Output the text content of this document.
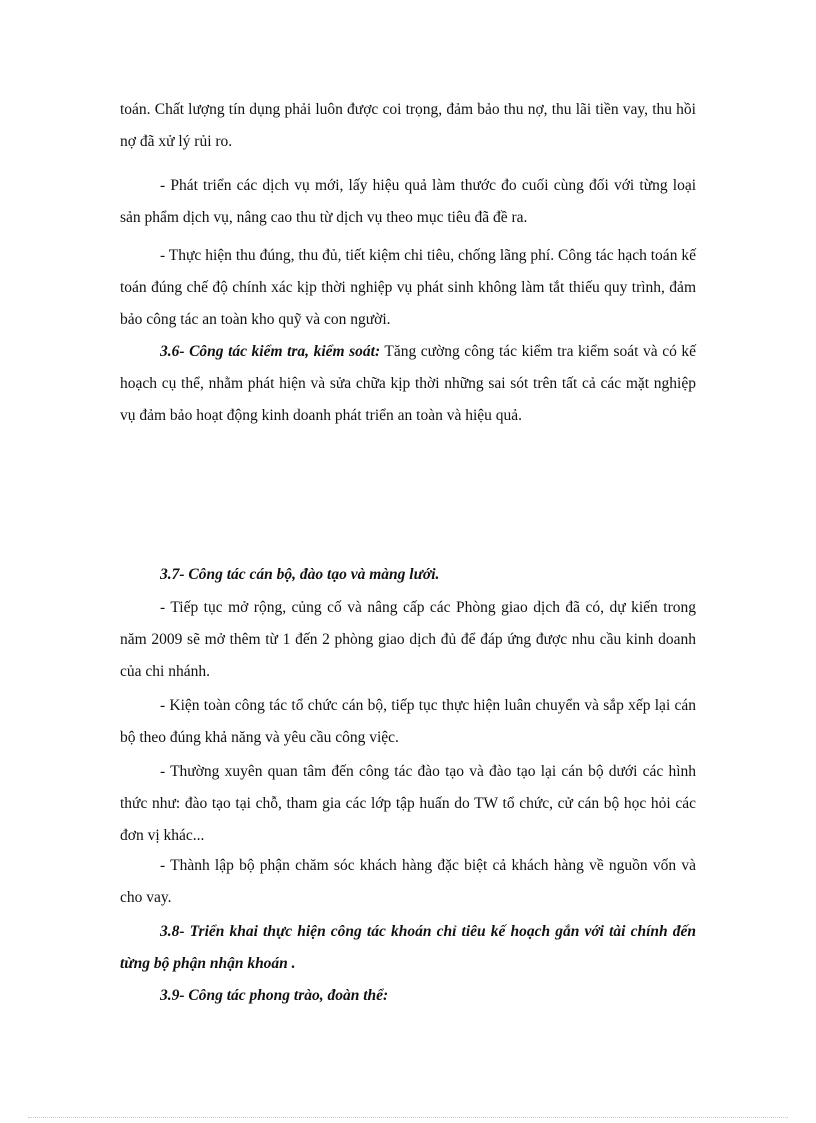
toán. Chất lượng tín dụng phải luôn được coi trọng, đảm bảo thu nợ, thu lãi tiền vay, thu hồi nợ đã xử lý rủi ro.

- Phát triển các dịch vụ mới, lấy hiệu quả làm thước đo cuối cùng đối với từng loại sản phẩm dịch vụ, nâng cao thu từ dịch vụ theo mục tiêu đã đề ra.

- Thực hiện thu đúng, thu đủ, tiết kiệm chi tiêu, chống lãng phí. Công tác hạch toán kế toán đúng chế độ chính xác kịp thời nghiệp vụ phát sinh không làm tắt thiếu quy trình, đảm bảo công tác an toàn kho quỹ và con người.

3.6- Công tác kiểm tra, kiểm soát: Tăng cường công tác kiểm tra kiểm soát và có kế hoạch cụ thể, nhằm phát hiện và sửa chữa kịp thời những sai sót trên tất cả các mặt nghiệp vụ đảm bảo hoạt động kinh doanh phát triển an toàn và hiệu quả.

3.7- Công tác cán bộ, đào tạo và màng lưới.

- Tiếp tục mở rộng, củng cố và nâng cấp các Phòng giao dịch đã có, dự kiến trong năm 2009 sẽ mở thêm từ 1 đến 2 phòng giao dịch đủ để đáp ứng được nhu cầu kinh doanh của chi nhánh.

- Kiện toàn công tác tổ chức cán bộ, tiếp tục thực hiện luân chuyển và sắp xếp lại cán bộ theo đúng khả năng và yêu cầu công việc.

- Thường xuyên quan tâm đến công tác đào tạo và đào tạo lại cán bộ dưới các hình thức như: đào tạo tại chỗ, tham gia các lớp tập huấn do TW tổ chức, cử cán bộ học hỏi các đơn vị khác...

- Thành lập bộ phận chăm sóc khách hàng đặc biệt cả khách hàng về nguồn vốn và cho vay.

3.8- Triển khai thực hiện công tác khoán chỉ tiêu kế hoạch gắn với tài chính đến từng bộ phận nhận khoán .

3.9- Công tác phong trào, đoàn thể:
